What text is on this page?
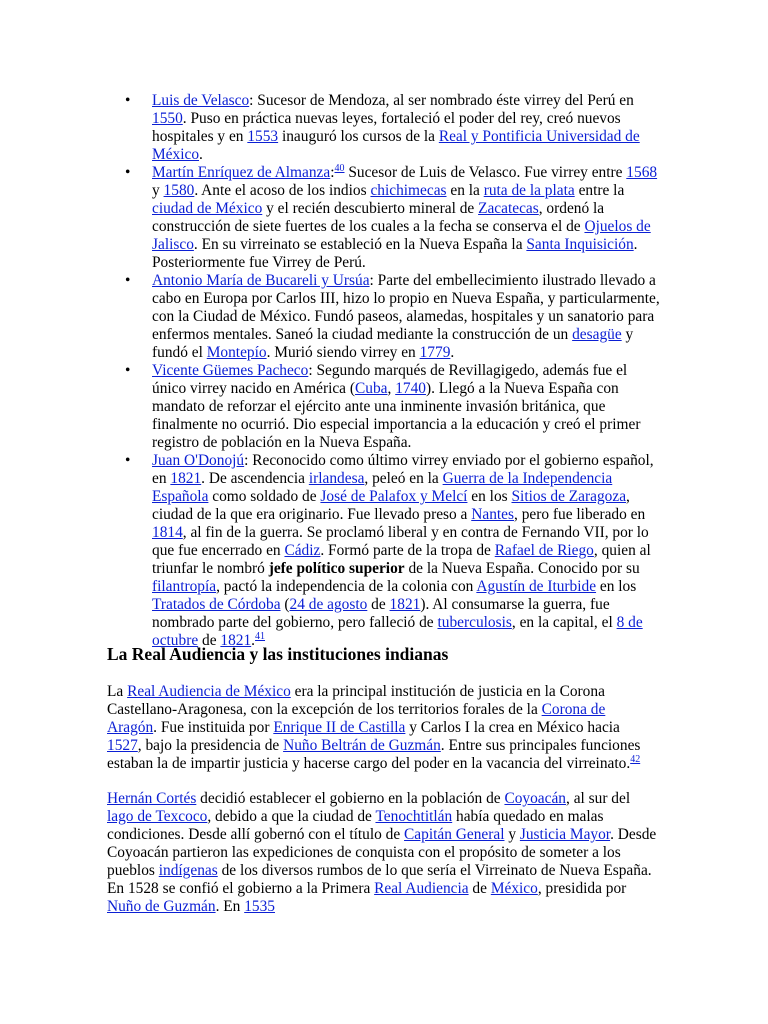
• Luis de Velasco: Sucesor de Mendoza, al ser nombrado éste virrey del Perú en 1550. Puso en práctica nuevas leyes, fortaleció el poder del rey, creó nuevos hospitales y en 1553 inauguró los cursos de la Real y Pontificia Universidad de México.
• Martín Enríquez de Almanza:$^{40}$ Sucesor de Luis de Velasco. Fue virrey entre 1568 y 1580. Ante el acoso de los indios chichimecas en la ruta de la plata entre la ciudad de México y el recién descubierto mineral de Zacatecas, ordenó la construcción de siete fuertes de los cuales a la fecha se conserva el de Ojuelos de Jalisco. En su virreinato se estableció en la Nueva España la Santa Inquisición. Posteriormente fue Virrey de Perú.
• Antonio María de Bucareli y Ursúa: Parte del embellecimiento ilustrado llevado a cabo en Europa por Carlos III, hizo lo propio en Nueva España, y particularmente, con la Ciudad de México. Fundó paseos, alamedas, hospitales y un sanatorio para enfermos mentales. Saneó la ciudad mediante la construcción de un desagüe y fundó el Montepío. Murió siendo virrey en 1779.
• Vicente Güemes Pacheco: Segundo marqués de Revillagigedo, además fue el único virrey nacido en América (Cuba, 1740). Llegó a la Nueva España con mandato de reforzar el ejército ante una inminente invasión británica, que finalmente no ocurrió. Dio especial importancia a la educación y creó el primer registro de población en la Nueva España.
• Juan O'Donojú: Reconocido como último virrey enviado por el gobierno español, en 1821. De ascendencia irlandesa, peleó en la Guerra de la Independencia Española como soldado de José de Palafox y Melcí en los Sitios de Zaragoza, ciudad de la que era originario. Fue llevado preso a Nantes, pero fue liberado en 1814, al fin de la guerra. Se proclamó liberal y en contra de Fernando VII, por lo que fue encerrado en Cádiz. Formó parte de la tropa de Rafael de Riego, quien al triunfar le nombró jefe político superior de la Nueva España. Conocido por su filantropía, pactó la independencia de la colonia con Agustín de Iturbide en los Tratados de Córdoba (24 de agosto de 1821). Al consumarse la guerra, fue nombrado parte del gobierno, pero falleció de tuberculosis, en la capital, el 8 de octubre de 1821.41
La Real Audiencia y las instituciones indianas

La Real Audiencia de México era la principal institución de justicia en la Corona Castellano-Aragonesa, con la excepción de los territorios forales de la Corona de Aragón. Fue instituida por Enrique II de Castilla y Carlos I la crea en México hacia 1527, bajo la presidencia de Nuño Beltrán de Guzmán. Entre sus principales funciones estaban la de impartir justicia y hacerse cargo del poder en la vacancia del virreinato.$^{42}$

Hernán Cortés decidió establecer el gobierno en la población de Coyoacán, al sur del lago de Texcoco, debido a que la ciudad de Tenochtitlán había quedado en malas condiciones. Desde allí gobernó con el título de Capitán General y Justicia Mayor. Desde Coyoacán partieron las expediciones de conquista con el propósito de someter a los pueblos indígenas de los diversos rumbos de lo que sería el Virreinato de Nueva España. En 1528 se confió el gobierno a la Primera Real Audiencia de México, presidida por Nuño de Guzmán. En 1535
